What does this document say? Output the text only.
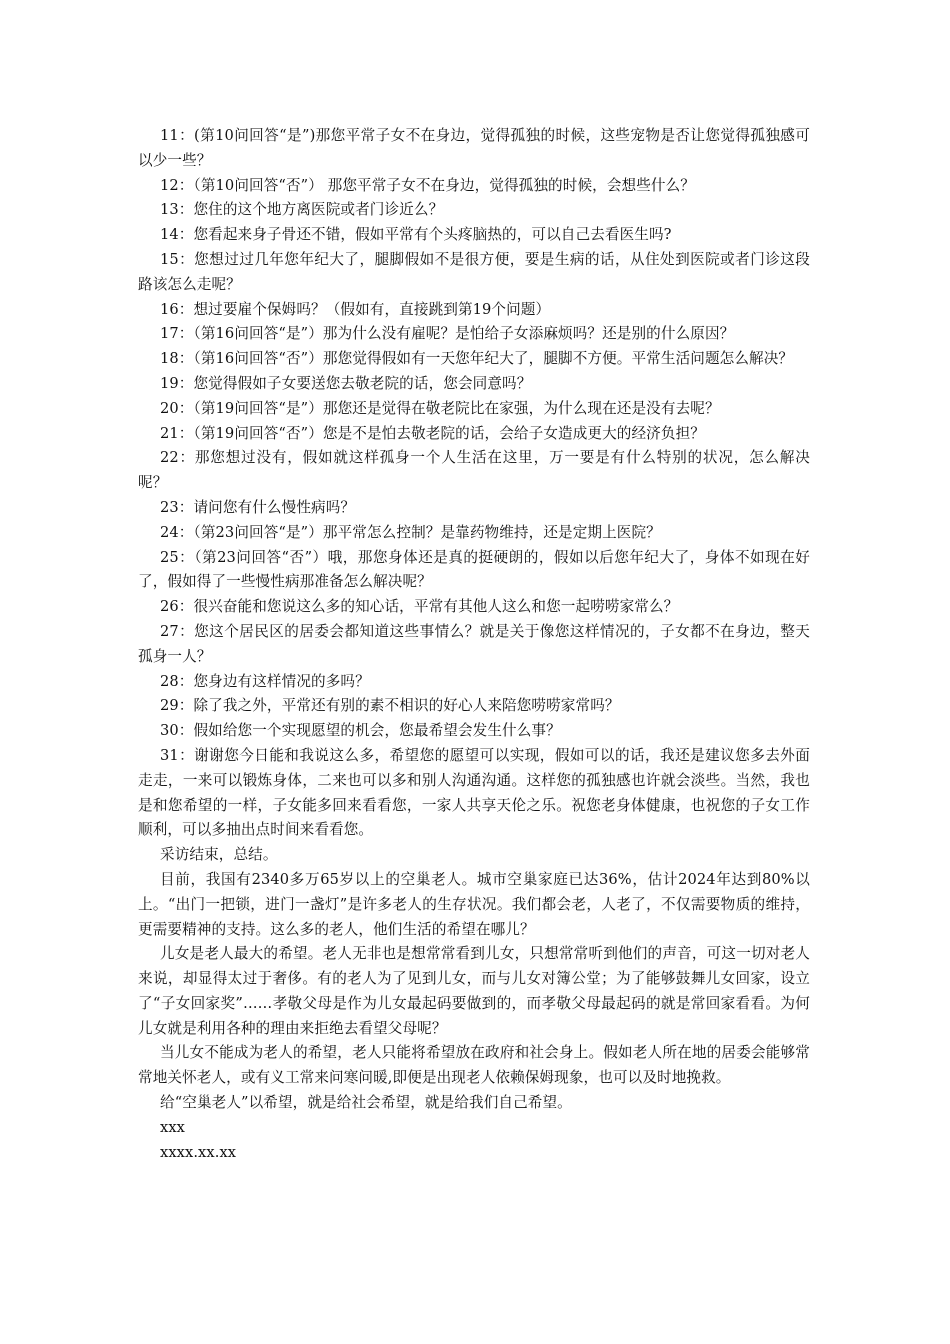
11：(第10问回答“是”)那您平常子女不在身边，觉得孤独的时候，这些宠物是否让您觉得孤独感可以少一些？

12：（第10问回答“否”） 那您平常子女不在身边，觉得孤独的时候，会想些什么？

13：您住的这个地方离医院或者门诊近么？

14：您看起来身子骨还不错，假如平常有个头疼脑热的，可以自己去看医生吗?

15：您想过过几年您年纪大了，腿脚假如不是很方便，要是生病的话，从住处到医院或者门诊这段路该怎么走呢？

16：想过要雇个保姆吗？（假如有，直接跳到第19个问题）

17：（第16问回答“是”）那为什么没有雇呢？是怕给子女添麻烦吗？还是别的什么原因？

18：（第16问回答“否”）那您觉得假如有一天您年纪大了，腿脚不方便。平常生活问题怎么解决？

19：您觉得假如子女要送您去敬老院的话，您会同意吗？

20：（第19问回答“是”）那您还是觉得在敬老院比在家强，为什么现在还是没有去呢？

21：（第19问回答“否”）您是不是怕去敬老院的话，会给子女造成更大的经济负担？

22：那您想过没有，假如就这样孤身一个人生活在这里，万一要是有什么特别的状况，怎么解决呢？

23：请问您有什么慢性病吗？

24：（第23问回答“是”）那平常怎么控制？是靠药物维持，还是定期上医院？

25：（第23问回答“否”）哦，那您身体还是真的挺硬朗的，假如以后您年纪大了，身体不如现在好了，假如得了一些慢性病那准备怎么解决呢？

26：很兴奋能和您说这么多的知心话，平常有其他人这么和您一起唠唠家常么？

27：您这个居民区的居委会都知道这些事情么？就是关于像您这样情况的，子女都不在身边，整天孤身一人？

28：您身边有这样情况的多吗？

29：除了我之外，平常还有别的素不相识的好心人来陪您唠唠家常吗？

30：假如给您一个实现愿望的机会，您最希望会发生什么事？

31：谢谢您今日能和我说这么多，希望您的愿望可以实现，假如可以的话，我还是建议您多去外面走走，一来可以锻炼身体，二来也可以多和别人沟通沟通。这样您的孤独感也许就会淡些。当然，我也是和您希望的一样，子女能多回来看看您，一家人共享天伦之乐。祝您老身体健康，也祝您的子女工作顺利，可以多抽出点时间来看看您。

采访结束，总结。

目前，我国有2340多万65岁以上的空巢老人。城市空巢家庭已达36%，估计2024年达到80%以上。“出门一把锁，进门一盏灯”是许多老人的生存状况。我们都会老，人老了，不仅需要物质的维持，更需要精神的支持。这么多的老人，他们生活的希望在哪儿？

儿女是老人最大的希望。老人无非也是想常常看到儿女，只想常常听到他们的声音，可这一切对老人来说，却显得太过于奢侈。有的老人为了见到儿女，而与儿女对簿公堂；为了能够鼓舞儿女回家，设立了“子女回家奖”……孝敬父母是作为儿女最起码要做到的，而孝敬父母最起码的就是常回家看看。为何儿女就是利用各种的理由来拒绝去看望父母呢？

当儿女不能成为老人的希望，老人只能将希望放在政府和社会身上。假如老人所在地的居委会能够常常地关怀老人，或有义工常来问寒问暖,即便是出现老人依赖保姆现象，也可以及时地挽救。

给“空巢老人”以希望，就是给社会希望，就是给我们自己希望。

xxx

xxxx.xx.xx
